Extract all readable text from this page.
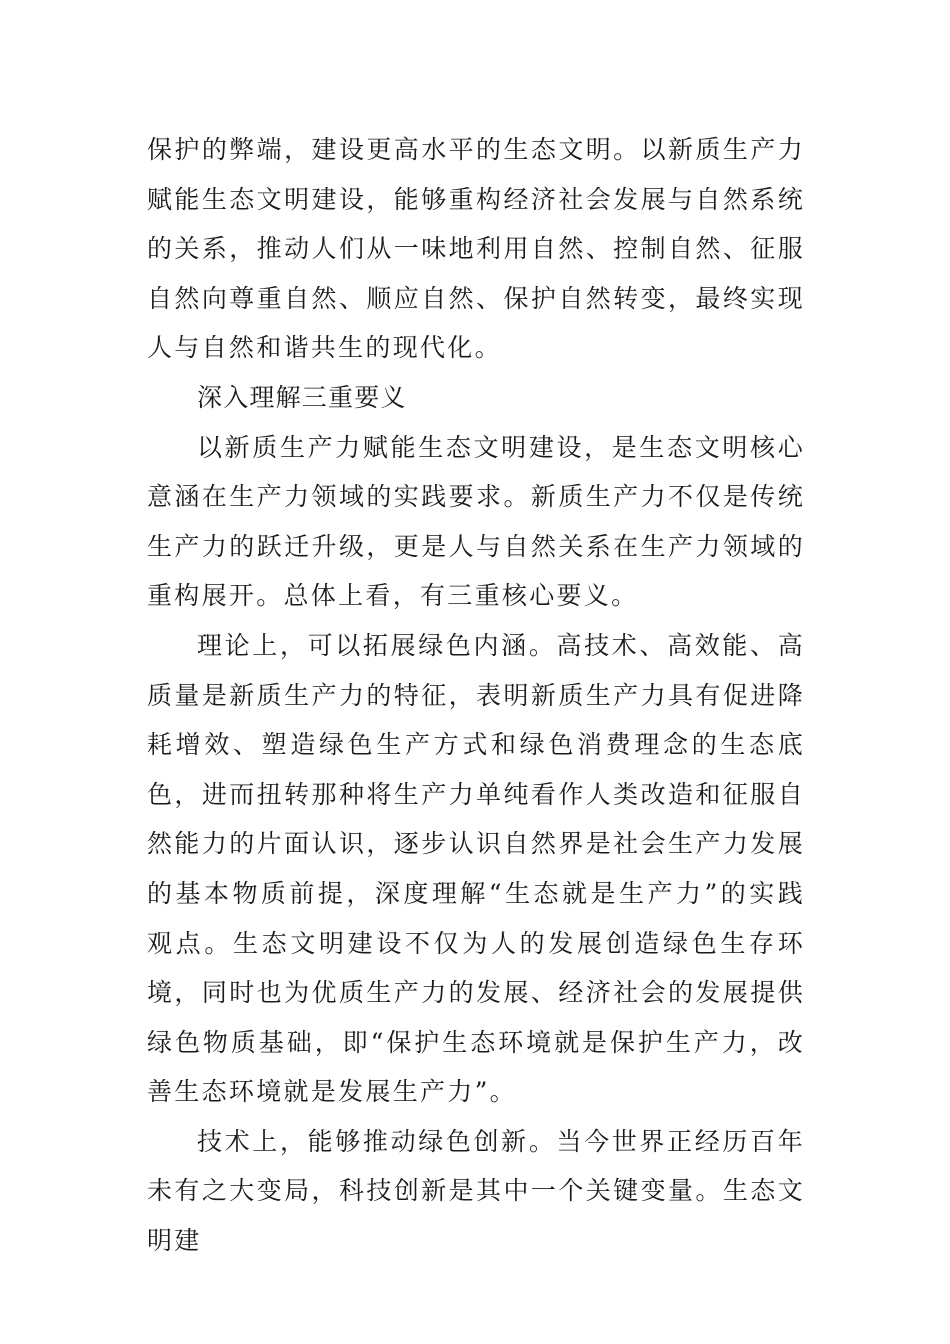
保护的弊端，建设更高水平的生态文明。以新质生产力赋能生态文明建设，能够重构经济社会发展与自然系统的关系，推动人们从一味地利用自然、控制自然、征服自然向尊重自然、顺应自然、保护自然转变，最终实现人与自然和谐共生的现代化。

深入理解三重要义

以新质生产力赋能生态文明建设，是生态文明核心意涵在生产力领域的实践要求。新质生产力不仅是传统生产力的跃迁升级，更是人与自然关系在生产力领域的重构展开。总体上看，有三重核心要义。

理论上，可以拓展绿色内涵。高技术、高效能、高质量是新质生产力的特征，表明新质生产力具有促进降耗增效、塑造绿色生产方式和绿色消费理念的生态底色，进而扭转那种将生产力单纯看作人类改造和征服自然能力的片面认识，逐步认识自然界是社会生产力发展的基本物质前提，深度理解“生态就是生产力”的实践观点。生态文明建设不仅为人的发展创造绿色生存环境，同时也为优质生产力的发展、经济社会的发展提供绿色物质基础，即“保护生态环境就是保护生产力，改善生态环境就是发展生产力”。

技术上，能够推动绿色创新。当今世界正经历百年未有之大变局，科技创新是其中一个关键变量。生态文明建
